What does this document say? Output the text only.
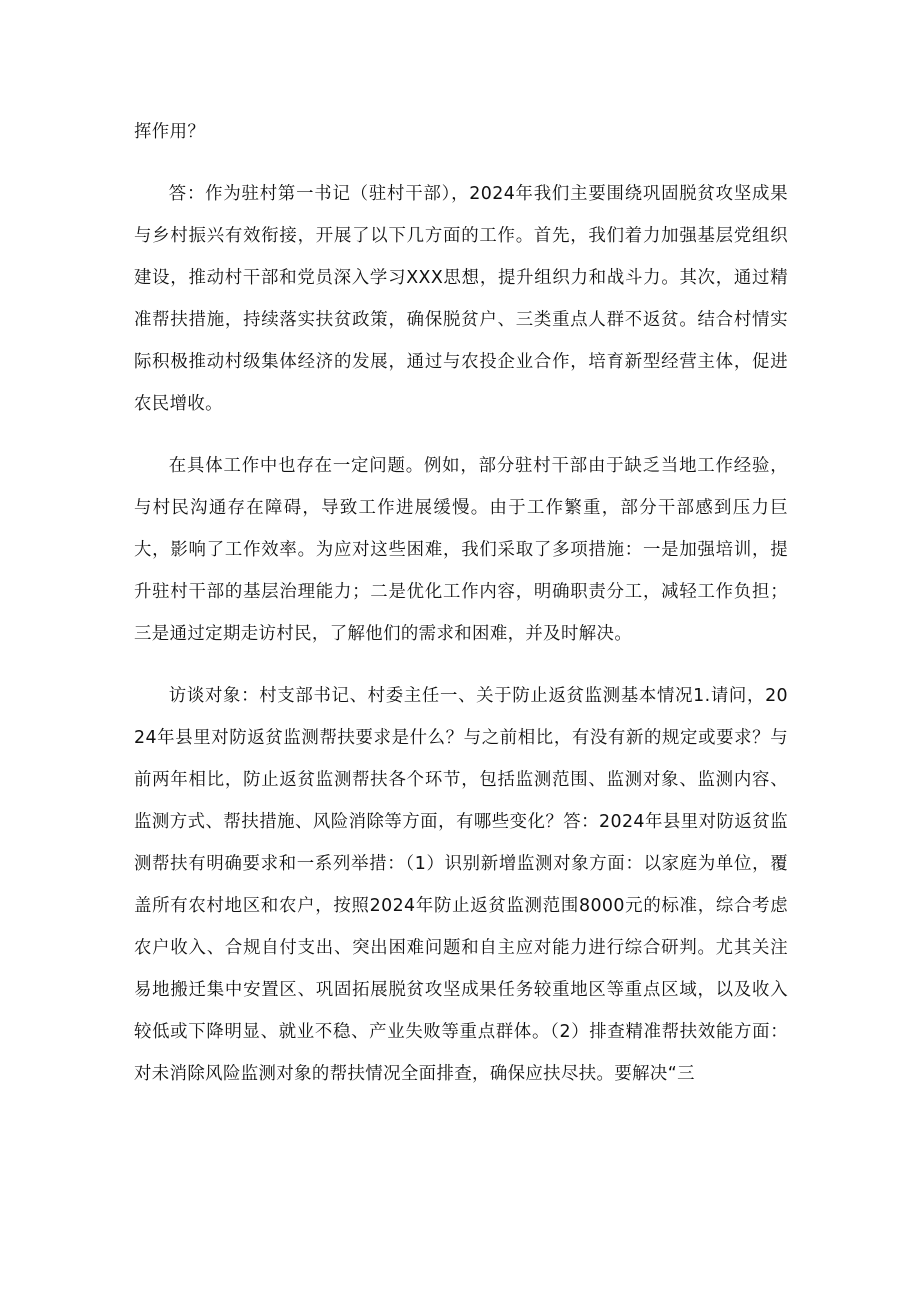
挥作用？

答：作为驻村第一书记（驻村干部），2024年我们主要围绕巩固脱贫攻坚成果与乡村振兴有效衔接，开展了以下几方面的工作。首先，我们着力加强基层党组织建设，推动村干部和党员深入学习XXX思想，提升组织力和战斗力。其次，通过精准帮扶措施，持续落实扶贫政策，确保脱贫户、三类重点人群不返贫。结合村情实际积极推动村级集体经济的发展，通过与农投企业合作，培育新型经营主体，促进农民增收。

在具体工作中也存在一定问题。例如，部分驻村干部由于缺乏当地工作经验，与村民沟通存在障碍，导致工作进展缓慢。由于工作繁重，部分干部感到压力巨大，影响了工作效率。为应对这些困难，我们采取了多项措施：一是加强培训，提升驻村干部的基层治理能力；二是优化工作内容，明确职责分工，减轻工作负担；三是通过定期走访村民，了解他们的需求和困难，并及时解决。

访谈对象：村支部书记、村委主任一、关于防止返贫监测基本情况1.请问，2024年县里对防返贫监测帮扶要求是什么？与之前相比，有没有新的规定或要求？与前两年相比，防止返贫监测帮扶各个环节，包括监测范围、监测对象、监测内容、监测方式、帮扶措施、风险消除等方面，有哪些变化？答：2024年县里对防返贫监测帮扶有明确要求和一系列举措：（1）识别新增监测对象方面：以家庭为单位，覆盖所有农村地区和农户，按照2024年防止返贫监测范围8000元的标准，综合考虑农户收入、合规自付支出、突出困难问题和自主应对能力进行综合研判。尤其关注易地搬迁集中安置区、巩固拓展脱贫攻坚成果任务较重地区等重点区域，以及收入较低或下降明显、就业不稳、产业失败等重点群体。（2）排查精准帮扶效能方面：对未消除风险监测对象的帮扶情况全面排查，确保应扶尽扶。要解决“三
